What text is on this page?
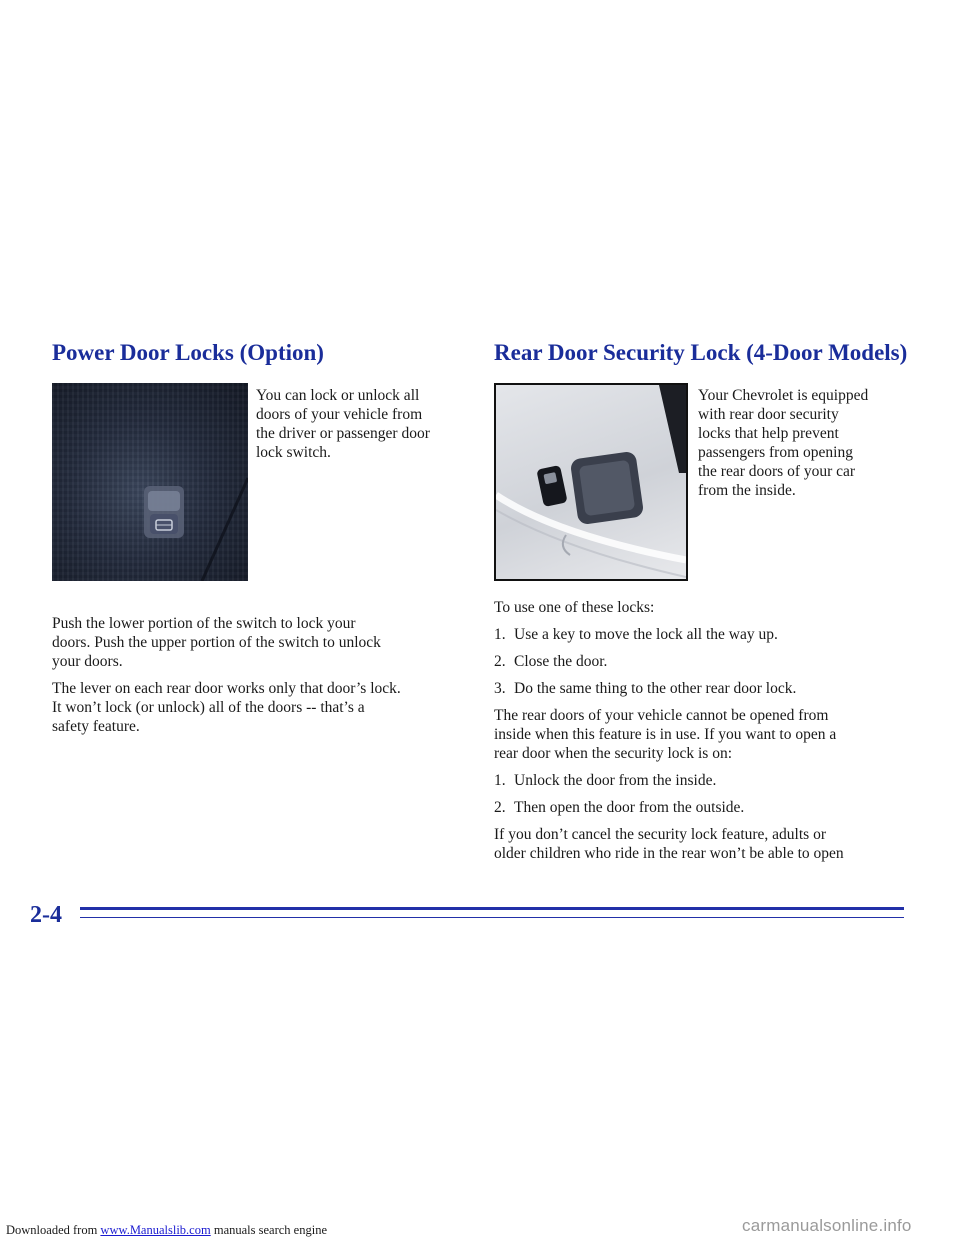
Power Door Locks (Option)
You can lock or unlock all
doors of your vehicle from
the driver or passenger door
lock switch.
Push the lower portion of the switch to lock your
doors. Push the upper portion of the switch to unlock
your doors.
The lever on each rear door works only that door’s lock.
It won’t lock (or unlock) all of the doors -- that’s a
safety feature.
Rear Door Security Lock (4-Door Models)
Your Chevrolet is equipped
with rear door security
locks that help prevent
passengers from opening
the rear doors of your car
from the inside.
To use one of these locks:
1. Use a key to move the lock all the way up.
2. Close the door.
3. Do the same thing to the other rear door lock.
The rear doors of your vehicle cannot be opened from
inside when this feature is in use. If you want to open a
rear door when the security lock is on:
1. Unlock the door from the inside.
2. Then open the door from the outside.
If you don’t cancel the security lock feature, adults or
older children who ride in the rear won’t be able to open
2-4
Downloaded from www.Manualslib.com manuals search engine	carmanualsonline.info
